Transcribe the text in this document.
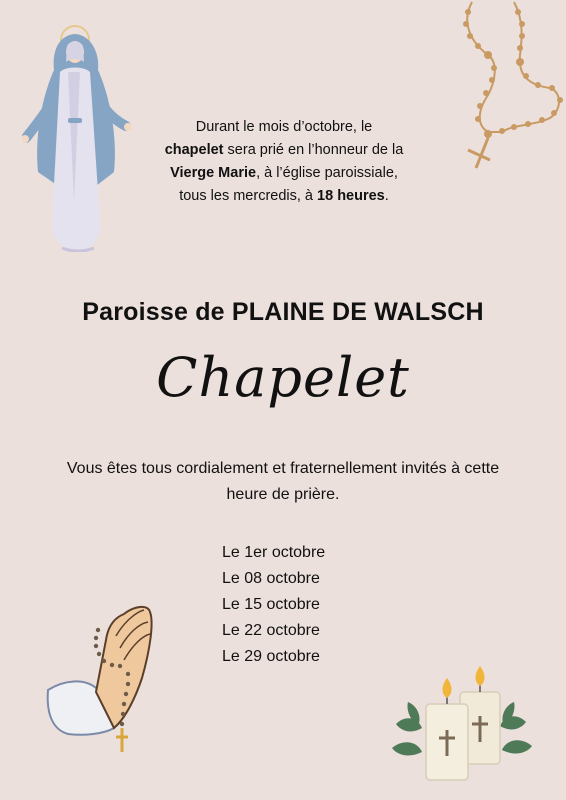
Durant le mois d’octobre, le
chapelet sera prié en l’honneur de la Vierge Marie, à l’église paroissiale, tous les mercredis, à 18 heures.
Paroisse de PLAINE DE WALSCH
Chapelet
Vous êtes tous cordialement et fraternellement invités à cette heure de prière.
Le 1er octobre
Le 08 octobre
Le 15 octobre
Le 22 octobre
Le 29 octobre
